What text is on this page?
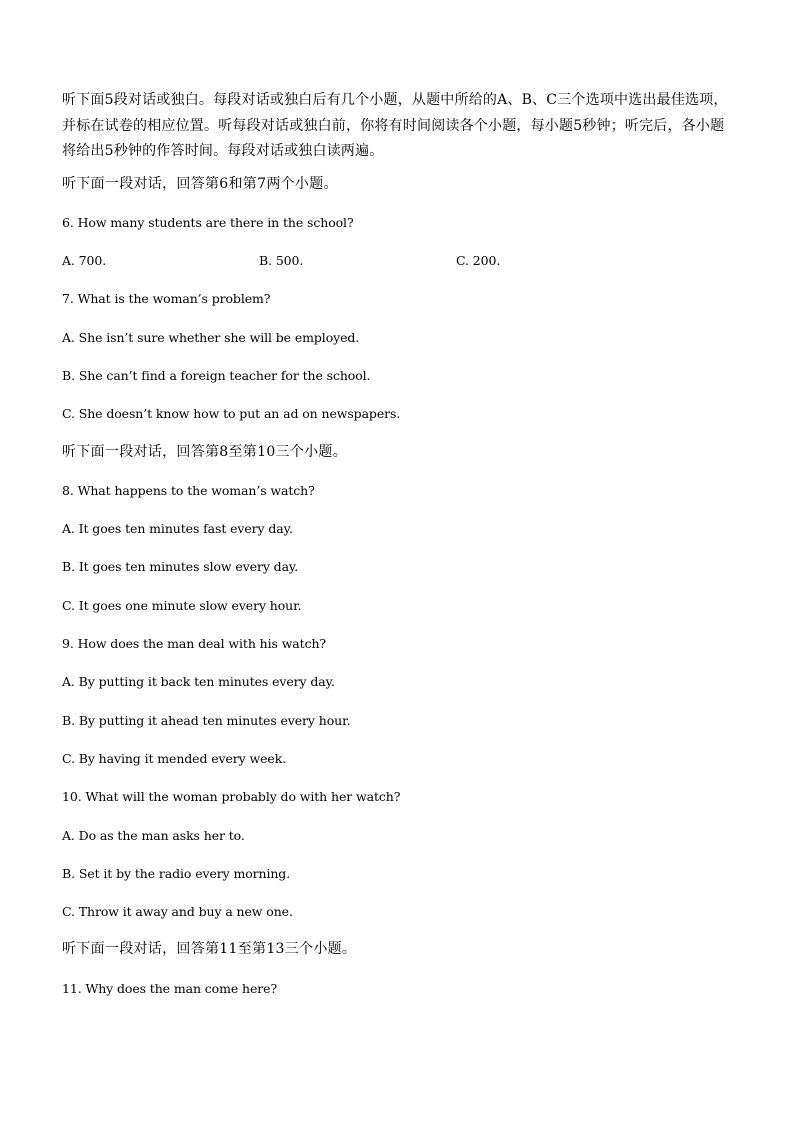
听下面5段对话或独白。每段对话或独白后有几个小题，从题中所给的A、B、C三个选项中选出最佳选项，并标在试卷的相应位置。听每段对话或独白前，你将有时间阅读各个小题，每小题5秒钟；听完后，各小题将给出5秒钟的作答时间。每段对话或独白读两遍。

听下面一段对话，回答第6和第7两个小题。
6. How many students are there in the school?
A. 700.	B. 500.	C. 200.
7. What is the woman’s problem?
A. She isn’t sure whether she will be employed.
B. She can’t find a foreign teacher for the school.
C. She doesn’t know how to put an ad on newspapers.
听下面一段对话，回答第8至第10三个小题。
8. What happens to the woman’s watch?
A. It goes ten minutes fast every day.
B. It goes ten minutes slow every day.
C. It goes one minute slow every hour.
9. How does the man deal with his watch?
A. By putting it back ten minutes every day.
B. By putting it ahead ten minutes every hour.
C. By having it mended every week.
10. What will the woman probably do with her watch?
A. Do as the man asks her to.
B. Set it by the radio every morning.
C. Throw it away and buy a new one.
听下面一段对话，回答第11至第13三个小题。
11. Why does the man come here?
